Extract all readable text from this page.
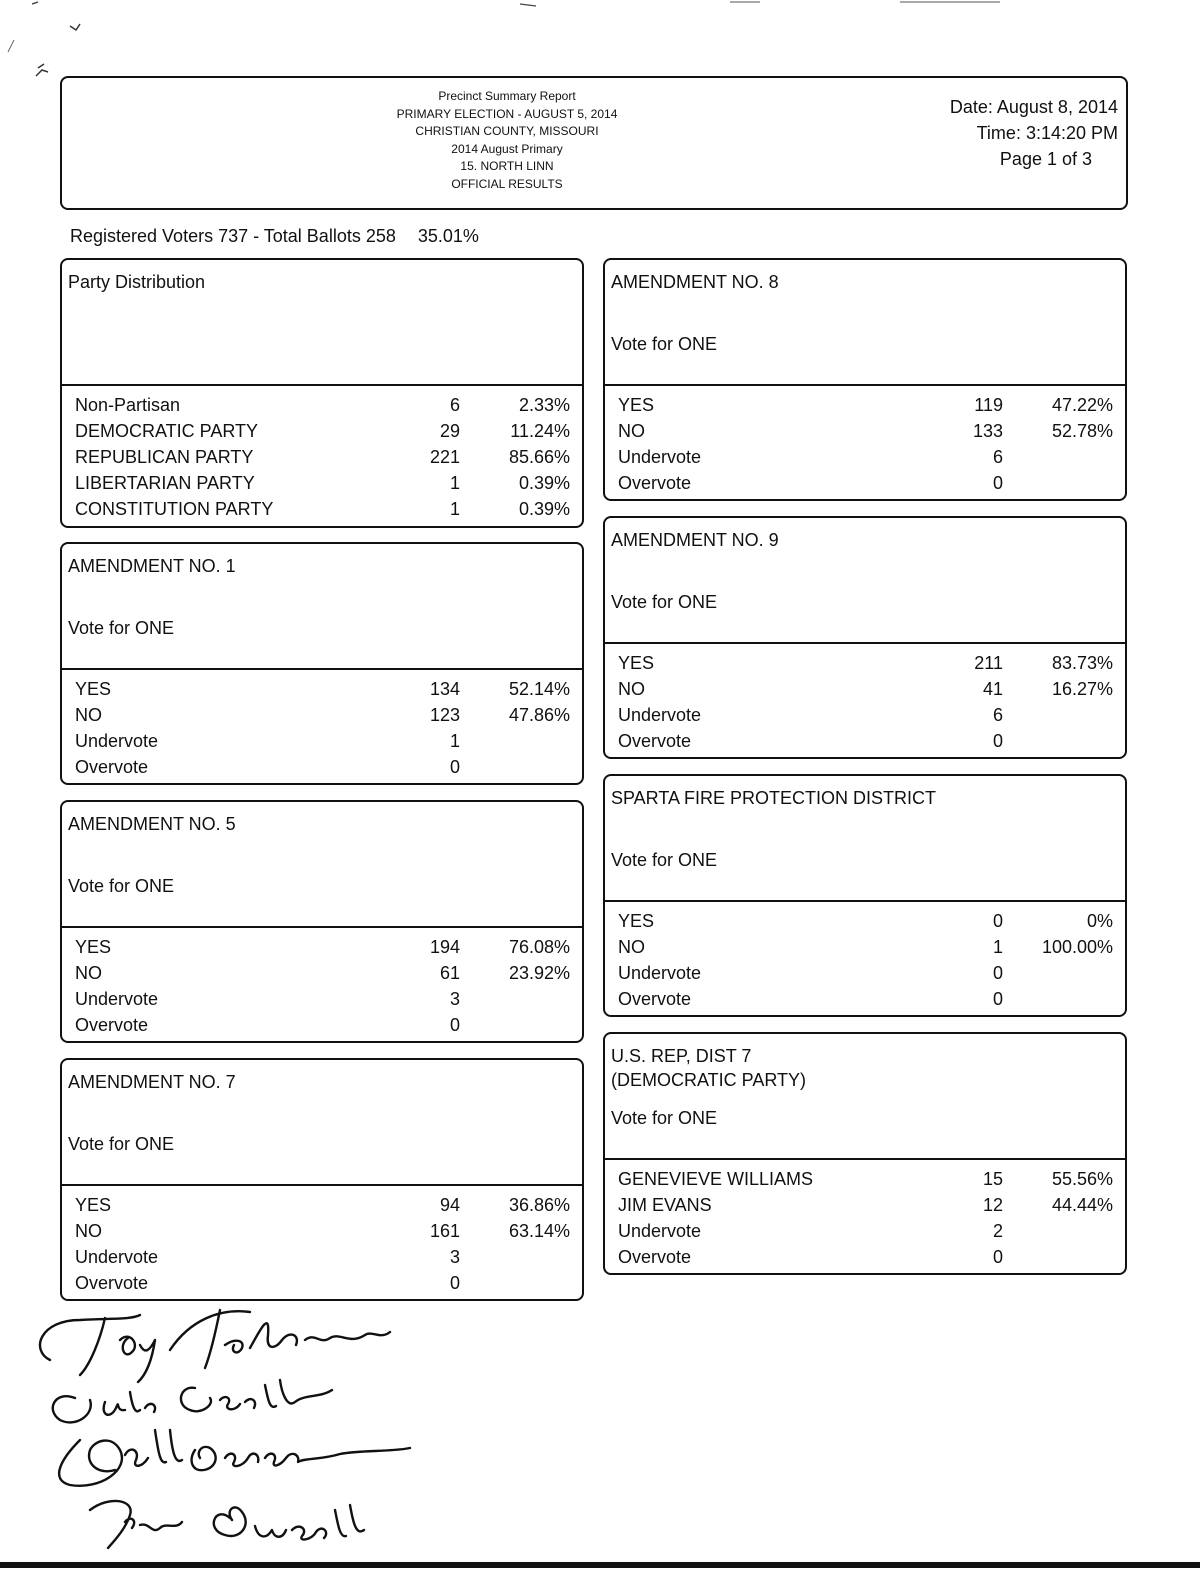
Precinct Summary Report
PRIMARY ELECTION - AUGUST 5, 2014
CHRISTIAN COUNTY, MISSOURI
2014 August Primary
15. NORTH LINN
OFFICIAL RESULTS
Date: August 8, 2014
Time: 3:14:20 PM
Page 1 of 3
Registered Voters 737 - Total Ballots 258 35.01%
Party Distribution
Non-Partisan	6	2.33%
DEMOCRATIC PARTY	29	11.24%
REPUBLICAN PARTY	221	85.66%
LIBERTARIAN PARTY	1	0.39%
CONSTITUTION PARTY	1	0.39%
AMENDMENT NO. 1
Vote for ONE
YES	134	52.14%
NO	123	47.86%
Undervote	1
Overvote	0
AMENDMENT NO. 5
Vote for ONE
YES	194	76.08%
NO	61	23.92%
Undervote	3
Overvote	0
AMENDMENT NO. 7
Vote for ONE
YES	94	36.86%
NO	161	63.14%
Undervote	3
Overvote	0
AMENDMENT NO. 8
Vote for ONE
YES	119	47.22%
NO	133	52.78%
Undervote	6
Overvote	0
AMENDMENT NO. 9
Vote for ONE
YES	211	83.73%
NO	41	16.27%
Undervote	6
Overvote	0
SPARTA FIRE PROTECTION DISTRICT
Vote for ONE
YES	0	0%
NO	1 100.00%
Undervote	0
Overvote	0
U.S. REP, DIST 7
(DEMOCRATIC PARTY)
Vote for ONE
GENEVIEVE WILLIAMS	15	55.56%
JIM EVANS	12	44.44%
Undervote	2
Overvote	0
